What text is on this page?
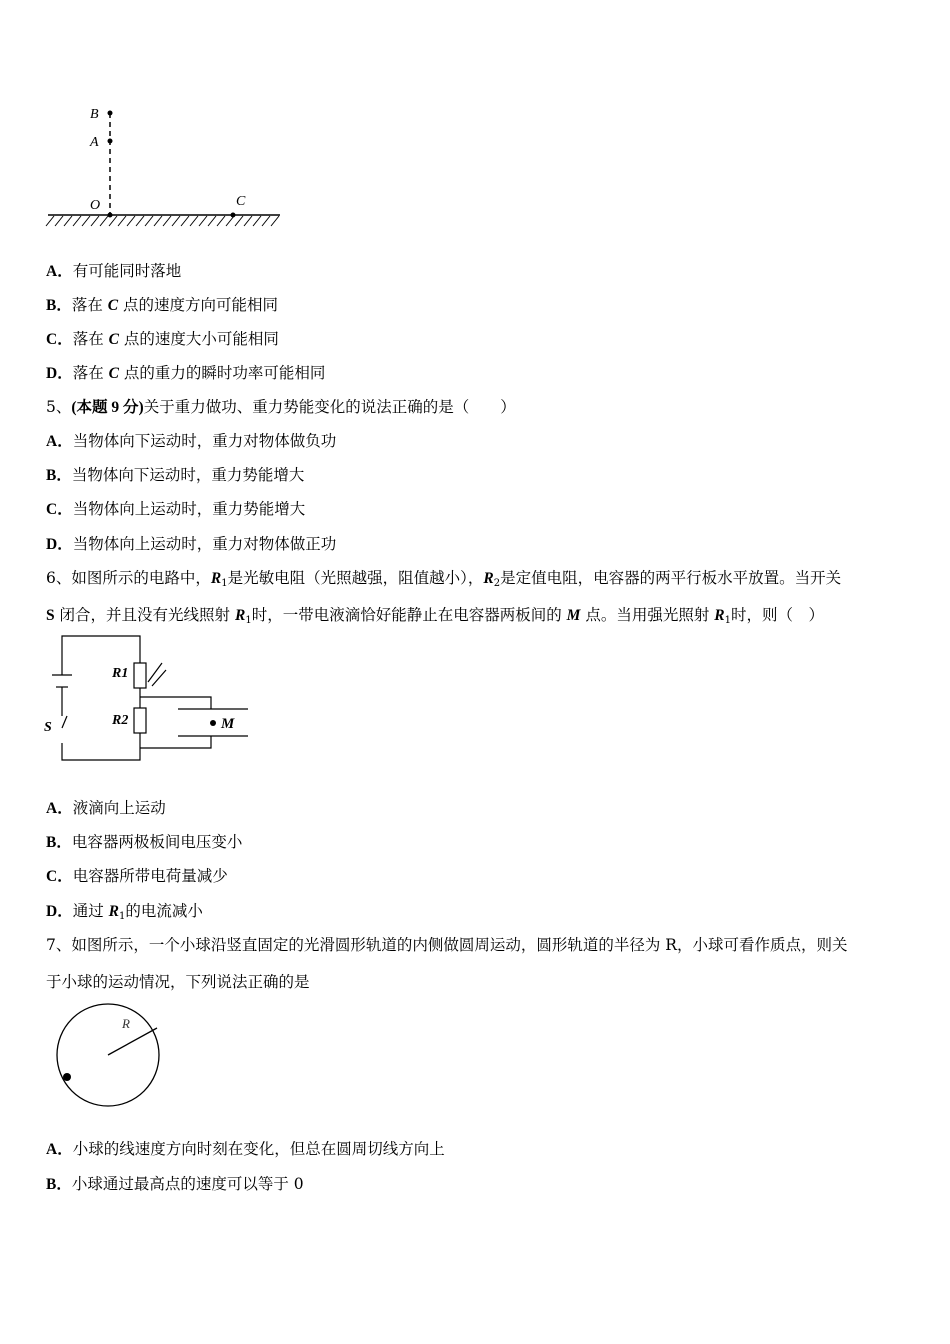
B
A
O	C
A．有可能同时落地
B．落在 C 点的速度方向可能相同
C．落在 C 点的速度大小可能相同
D．落在 C 点的重力的瞬时功率可能相同
5、(本题 9 分)关于重力做功、重力势能变化的说法正确的是（　　）
A．当物体向下运动时，重力对物体做负功
B．当物体向下运动时，重力势能增大
C．当物体向上运动时，重力势能增大
D．当物体向上运动时，重力对物体做正功
6、如图所示的电路中，$R_1$是光敏电阻（光照越强，阻值越小），$R_2$是定值电阻，电容器的两平行板水平放置。当开关
S 闭合，并且没有光线照射 $R_1$时，一带电液滴恰好能静止在电容器两板间的 M 点。当用强光照射 $R_1$时，则（　）
R1
R2
S	M
A．液滴向上运动
B．电容器两极板间电压变小
C．电容器所带电荷量减少
D．通过 $R_1$的电流减小
7、如图所示，一个小球沿竖直固定的光滑圆形轨道的内侧做圆周运动，圆形轨道的半径为 R，小球可看作质点，则关
于小球的运动情况，下列说法正确的是
R
A．小球的线速度方向时刻在变化，但总在圆周切线方向上
B．小球通过最高点的速度可以等于 0
